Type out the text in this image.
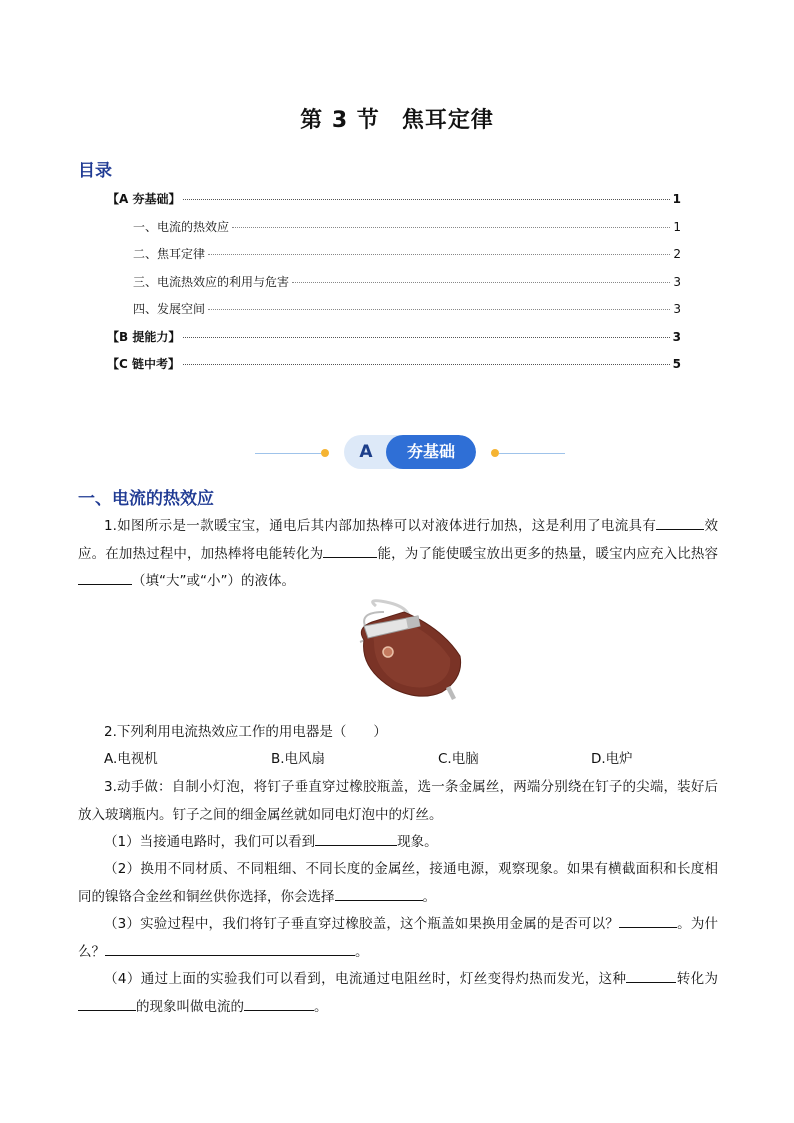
第 3 节 焦耳定律
目录
【A 夯基础】	1
一、电流的热效应	1
二、焦耳定律	2
三、电流热效应的利用与危害	3
四、发展空间	3
【B 提能力】	3
【C 链中考】	5
A	夯基础
一、电流的热效应
1.如图所示是一款暖宝宝，通电后其内部加热棒可以对液体进行加热，这是利用了电流具有	效应。在加热过程中，加热棒将电能转化为	能，为了能使暖宝放出更多的热量，暖宝内应充入比热容（填“大”或“小”）的液体。
2.下列利用电流热效应工作的用电器是（　　）
A.电视机	B.电风扇	C.电脑	D.电炉
3.动手做：自制小灯泡，将钉子垂直穿过橡胶瓶盖，选一条金属丝，两端分别绕在钉子的尖端，装好后放入玻璃瓶内。钉子之间的细金属丝就如同电灯泡中的灯丝。
（1）当接通电路时，我们可以看到	现象。
（2）换用不同材质、不同粗细、不同长度的金属丝，接通电源，观察现象。如果有横截面积和长度相同的镍铬合金丝和铜丝供你选择，你会选择	。
（3）实验过程中，我们将钉子垂直穿过橡胶盖，这个瓶盖如果换用金属的是否可以？	。为什么？	。
（4）通过上面的实验我们可以看到，电流通过电阻丝时，灯丝变得灼热而发光，这种	转化为的现象叫做电流的	。
